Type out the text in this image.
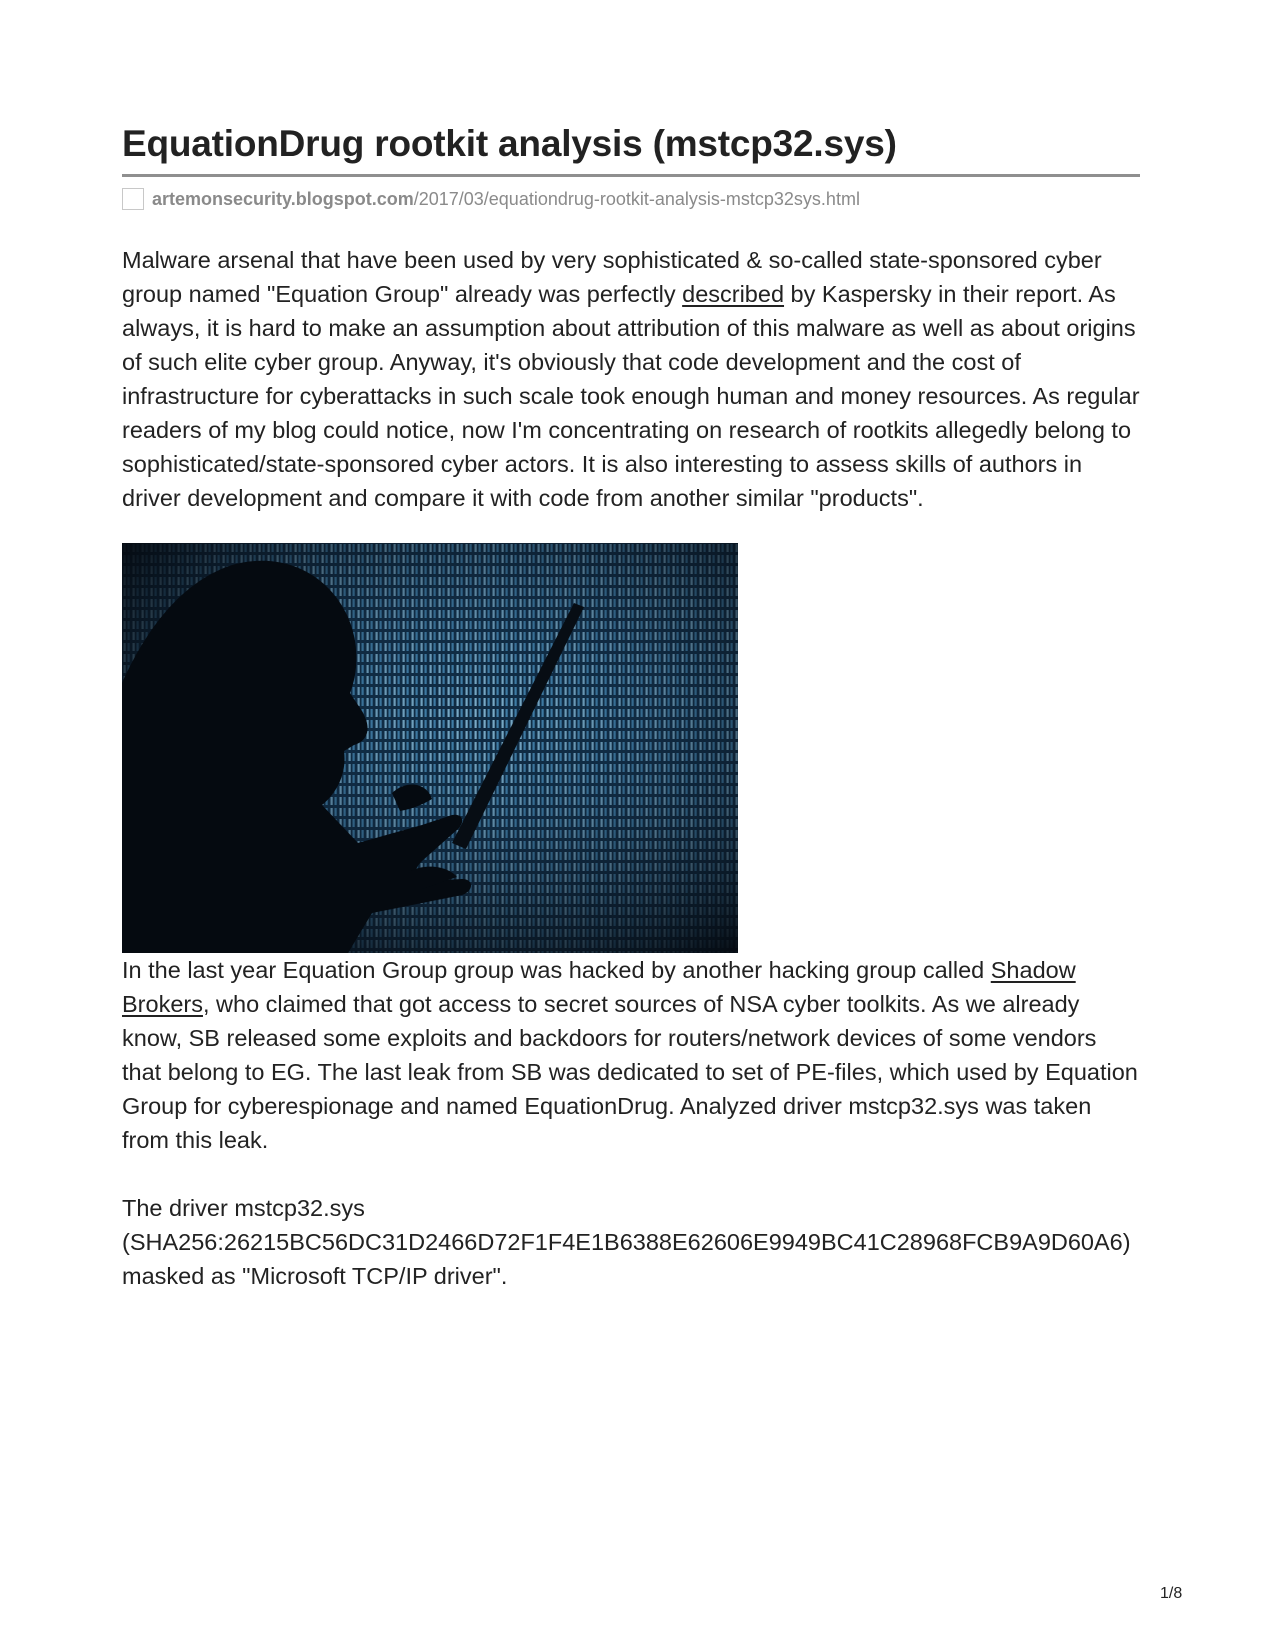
EquationDrug rootkit analysis (mstcp32.sys)
artemonsecurity.blogspot.com /2017/03/equationdrug-rootkit-analysis-mstcp32sys.html

Malware arsenal that have been used by very sophisticated & so-called state-sponsored cyber group named "Equation Group" already was perfectly described by Kaspersky in their report. As always, it is hard to make an assumption about attribution of this malware as well as about origins of such elite cyber group. Anyway, it's obviously that code development and the cost of infrastructure for cyberattacks in such scale took enough human and money resources. As regular readers of my blog could notice, now I'm concentrating on research of rootkits allegedly belong to sophisticated/state-sponsored cyber actors. It is also interesting to assess skills of authors in driver development and compare it with code from another similar "products".

In the last year Equation Group group was hacked by another hacking group called Shadow Brokers, who claimed that got access to secret sources of NSA cyber toolkits. As we already know, SB released some exploits and backdoors for routers/network devices of some vendors that belong to EG. The last leak from SB was dedicated to set of PE-files, which used by Equation Group for cyberespionage and named EquationDrug. Analyzed driver mstcp32.sys was taken from this leak.

The driver mstcp32.sys
(SHA256:26215BC56DC31D2466D72F1F4E1B6388E62606E9949BC41C28968FCB9A9D60A6)
masked as "Microsoft TCP/IP driver".

1/8
